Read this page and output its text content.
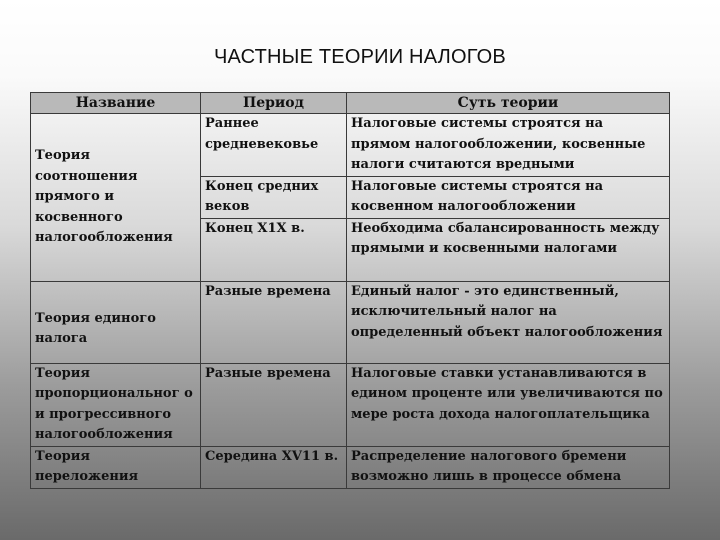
ЧАСТНЫЕ ТЕОРИИ НАЛОГОВ
Название	Период	Суть теории
Теория соотношения прямого и косвенного налогообложения	Раннее средневековье	Налоговые системы строятся на прямом налогообложении, косвенные налоги считаются вредными
	Конец средних веков	Налоговые системы строятся на косвенном налогообложении
	Конец X1X в.	Необходима сбалансированность между прямыми и косвенными налогами

Теория единого налога	Разные времена	Единый налог - это единственный, исключительный налог на определенный объект налогообложения
Теория пропорциональног о и прогрессивного налогообложения	Разные времена	Налоговые ставки устанавливаются в едином проценте или увеличиваются по мере роста дохода налогоплательщика
Теория переложения	Середина XV11 в.	Распределение налогового бремени возможно лишь в процессе обмена
